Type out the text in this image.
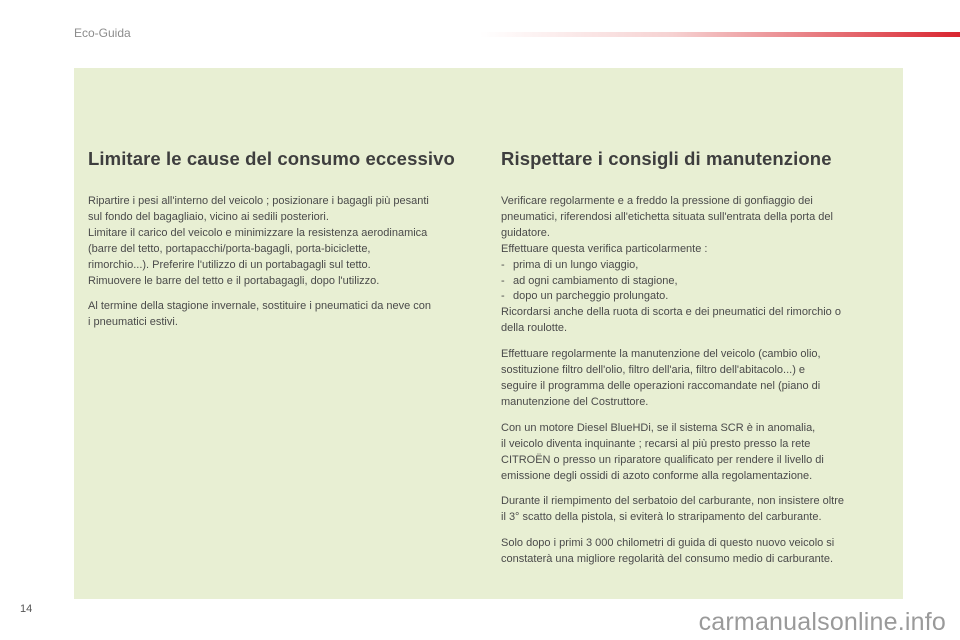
Eco-Guida
Limitare le cause del consumo eccessivo
Ripartire i pesi all'interno del veicolo ; posizionare i bagagli più pesanti
sul fondo del bagagliaio, vicino ai sedili posteriori.
Limitare il carico del veicolo e minimizzare la resistenza aerodinamica
(barre del tetto, portapacchi/porta-bagagli, porta-biciclette,
rimorchio...). Preferire l'utilizzo di un portabagagli sul tetto.
Rimuovere le barre del tetto e il portabagagli, dopo l'utilizzo.
Al termine della stagione invernale, sostituire i pneumatici da neve con
i pneumatici estivi.
Rispettare i consigli di manutenzione
Verificare regolarmente e a freddo la pressione di gonfiaggio dei
pneumatici, riferendosi all'etichetta situata sull'entrata della porta del
guidatore.
Effettuare questa verifica particolarmente :
- prima di un lungo viaggio,
- ad ogni cambiamento di stagione,
- dopo un parcheggio prolungato.
Ricordarsi anche della ruota di scorta e dei pneumatici del rimorchio o
della roulotte.
Effettuare regolarmente la manutenzione del veicolo (cambio olio,
sostituzione filtro dell'olio, filtro dell'aria, filtro dell'abitacolo...) e
seguire il programma delle operazioni raccomandate nel (piano di
manutenzione del Costruttore.
Con un motore Diesel BlueHDi, se il sistema SCR è in anomalia,
il veicolo diventa inquinante ; recarsi al più presto presso la rete
CITROËN o presso un riparatore qualificato per rendere il livello di
emissione degli ossidi di azoto conforme alla regolamentazione.
Durante il riempimento del serbatoio del carburante, non insistere oltre
il 3° scatto della pistola, si eviterà lo straripamento del carburante.
Solo dopo i primi 3 000 chilometri di guida di questo nuovo veicolo si
constaterà una migliore regolarità del consumo medio di carburante.
14	carmanualsonline.info
